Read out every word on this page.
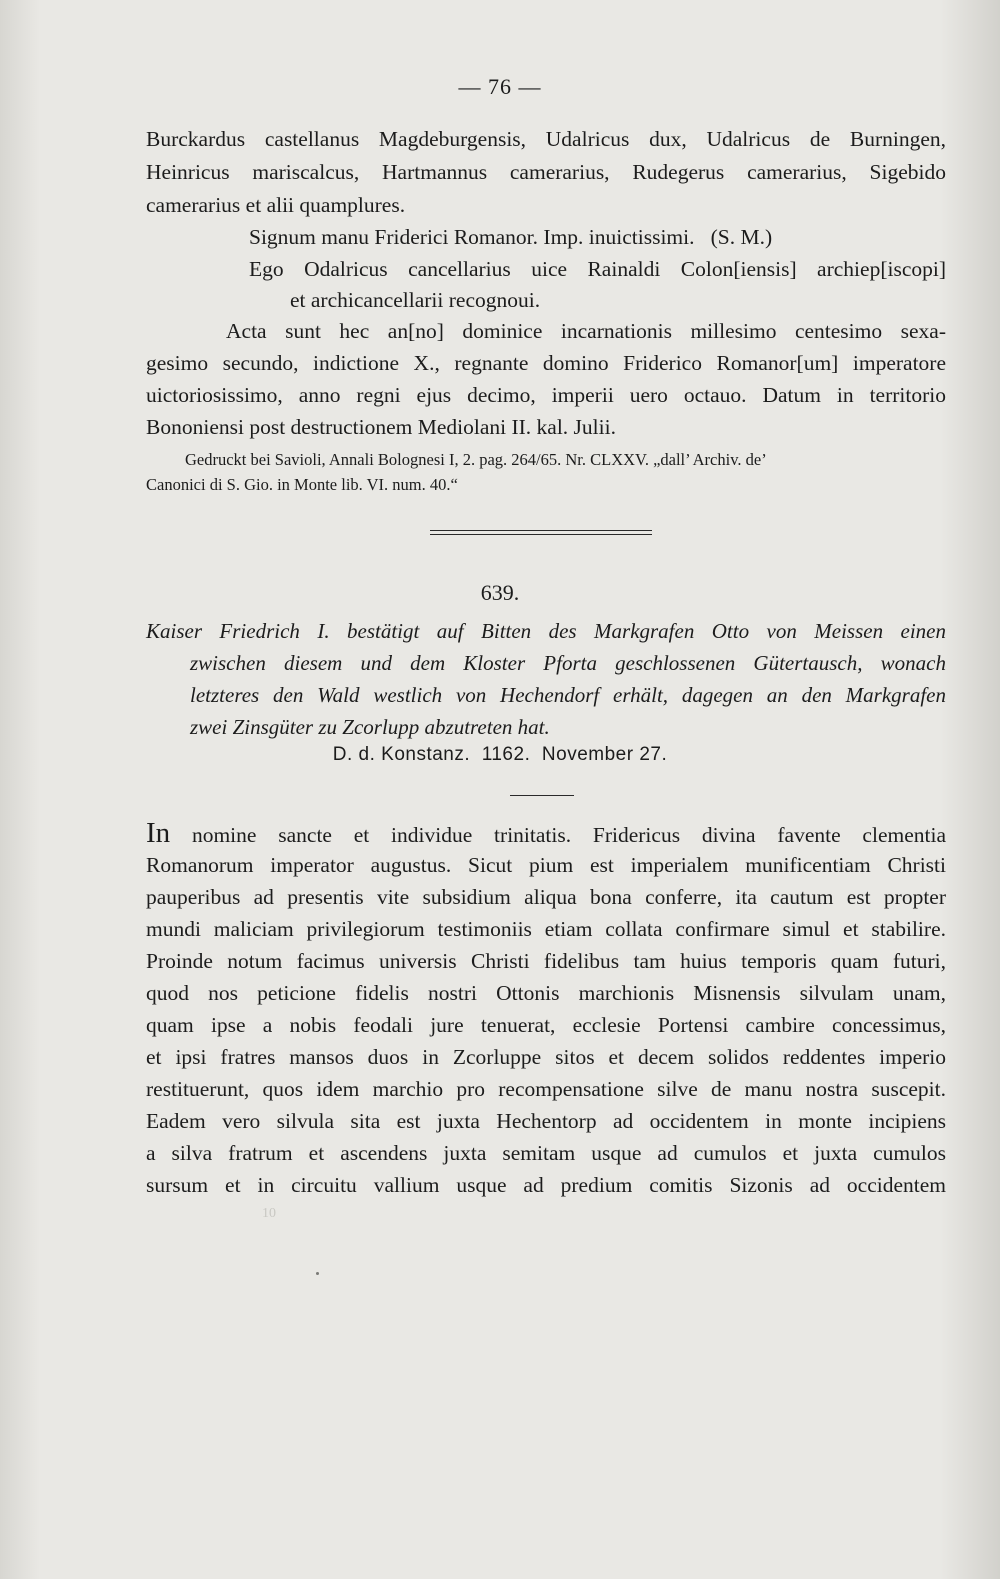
— 76 —
Burckardus castellanus Magdeburgensis, Udalricus dux, Udalricus de Burningen,
Heinricus mariscalcus, Hartmannus camerarius, Rudegerus camerarius, Sigebido
camerarius et alii quamplures.
Signum manu Friderici Romanor. Imp. inuictissimi.   (S. M.)
Ego Odalricus cancellarius uice Rainaldi Colon[iensis] archiep[iscopi]
et archicancellarii recognoui.
Acta sunt hec an[no] dominice incarnationis millesimo centesimo sexa-
gesimo secundo, indictione X., regnante domino Friderico Romanor[um] imperatore
uictoriosissimo, anno regni ejus decimo, imperii uero octauo. Datum in territorio
Bononiensi post destructionem Mediolani II. kal. Julii.
Gedruckt bei Savioli, Annali Bolognesi I, 2. pag. 264/65. Nr. CLXXV. „dall’ Archiv. de’
Canonici di S. Gio. in Monte lib. VI. num. 40.“
639.
Kaiser Friedrich I. bestätigt auf Bitten des Markgrafen Otto von Meissen einen
zwischen diesem und dem Kloster Pforta geschlossenen Gütertausch, wonach
letzteres den Wald westlich von Hechendorf erhält, dagegen an den Markgrafen
zwei Zinsgüter zu Zcorlupp abzutreten hat.
D. d. Konstanz.  1162.  November 27.
In nomine sancte et individue trinitatis. Fridericus divina favente clementia
Romanorum imperator augustus. Sicut pium est imperialem munificentiam Christi
pauperibus ad presentis vite subsidium aliqua bona conferre, ita cautum est propter
mundi maliciam privilegiorum testimoniis etiam collata confirmare simul et stabilire.
Proinde notum facimus universis Christi fidelibus tam huius temporis quam futuri,
quod nos peticione fidelis nostri Ottonis marchionis Misnensis silvulam unam,
quam ipse a nobis feodali jure tenuerat, ecclesie Portensi cambire concessimus,
et ipsi fratres mansos duos in Zcorluppe sitos et decem solidos reddentes imperio
restituerunt, quos idem marchio pro recompensatione silve de manu nostra suscepit.
Eadem vero silvula sita est juxta Hechentorp ad occidentem in monte incipiens
a silva fratrum et ascendens juxta semitam usque ad cumulos et juxta cumulos
sursum et in circuitu vallium usque ad predium comitis Sizonis ad occidentem
10
